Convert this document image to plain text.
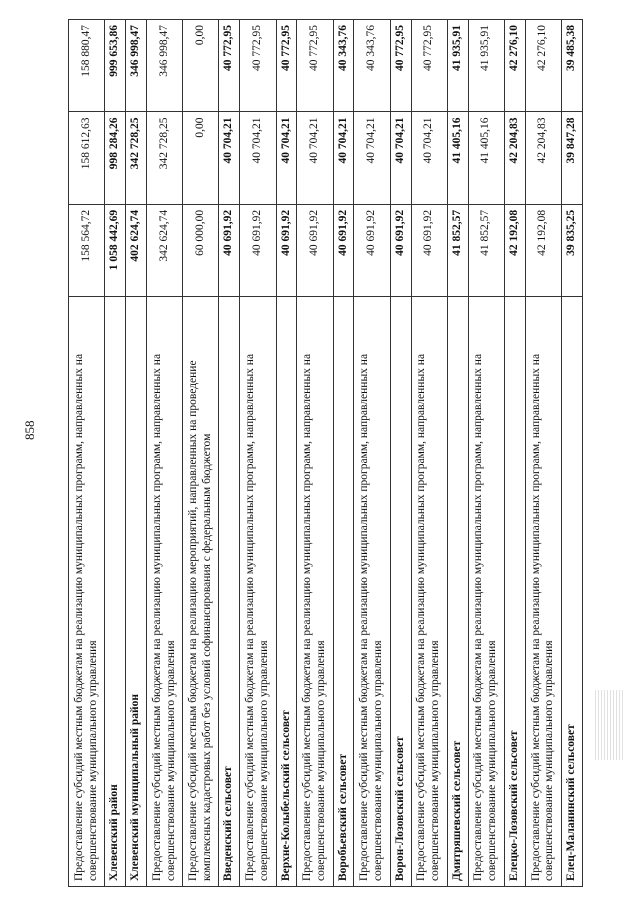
858	Предоставление субсидий местным бюджетам на реализацию муниципальных программ, направленных на совершенствование муниципального управления	158 564,72	158 612,63	158 880,47
Хлевенский район	1 058 442,69	998 284,26	999 653,86
Хлевенский муниципальный район	402 624,74	342 728,25	346 998,47
Предоставление субсидий местным бюджетам на реализацию муниципальных программ, направленных на совершенствование муниципального управления	342 624,74	342 728,25	346 998,47
Предоставление субсидий местным бюджетам на реализацию мероприятий, направленных на проведение комплексных кадастровых работ без условий софинансирования с федеральным бюджетом	60 000,00	0,00	0,00
Введенский сельсовет	40 691,92	40 704,21	40 772,95
Предоставление субсидий местным бюджетам на реализацию муниципальных программ, направленных на совершенствование муниципального управления	40 691,92	40 704,21	40 772,95
Верхне-Колыбельский сельсовет	40 691,92	40 704,21	40 772,95
Предоставление субсидий местным бюджетам на реализацию муниципальных программ, направленных на совершенствование муниципального управления	40 691,92	40 704,21	40 772,95
Воробьевский сельсовет	40 691,92	40 704,21	40 343,76
Предоставление субсидий местным бюджетам на реализацию муниципальных программ, направленных на совершенствование муниципального управления	40 691,92	40 704,21	40 343,76
Ворон-Лозовский сельсовет	40 691,92	40 704,21	40 772,95
Предоставление субсидий местным бюджетам на реализацию муниципальных программ, направленных на совершенствование муниципального управления	40 691,92	40 704,21	40 772,95
Дмитряшевский сельсовет	41 852,57	41 405,16	41 935,91
Предоставление субсидий местным бюджетам на реализацию муниципальных программ, направленных на совершенствование муниципального управления	41 852,57	41 405,16	41 935,91
Елецко-Лозовский сельсовет	42 192,08	42 204,83	42 276,10
Предоставление субсидий местным бюджетам на реализацию муниципальных программ, направленных на совершенствование муниципального управления	42 192,08	42 204,83	42 276,10
Елец-Маланинский сельсовет	39 835,25	39 847,28	39 485,38
